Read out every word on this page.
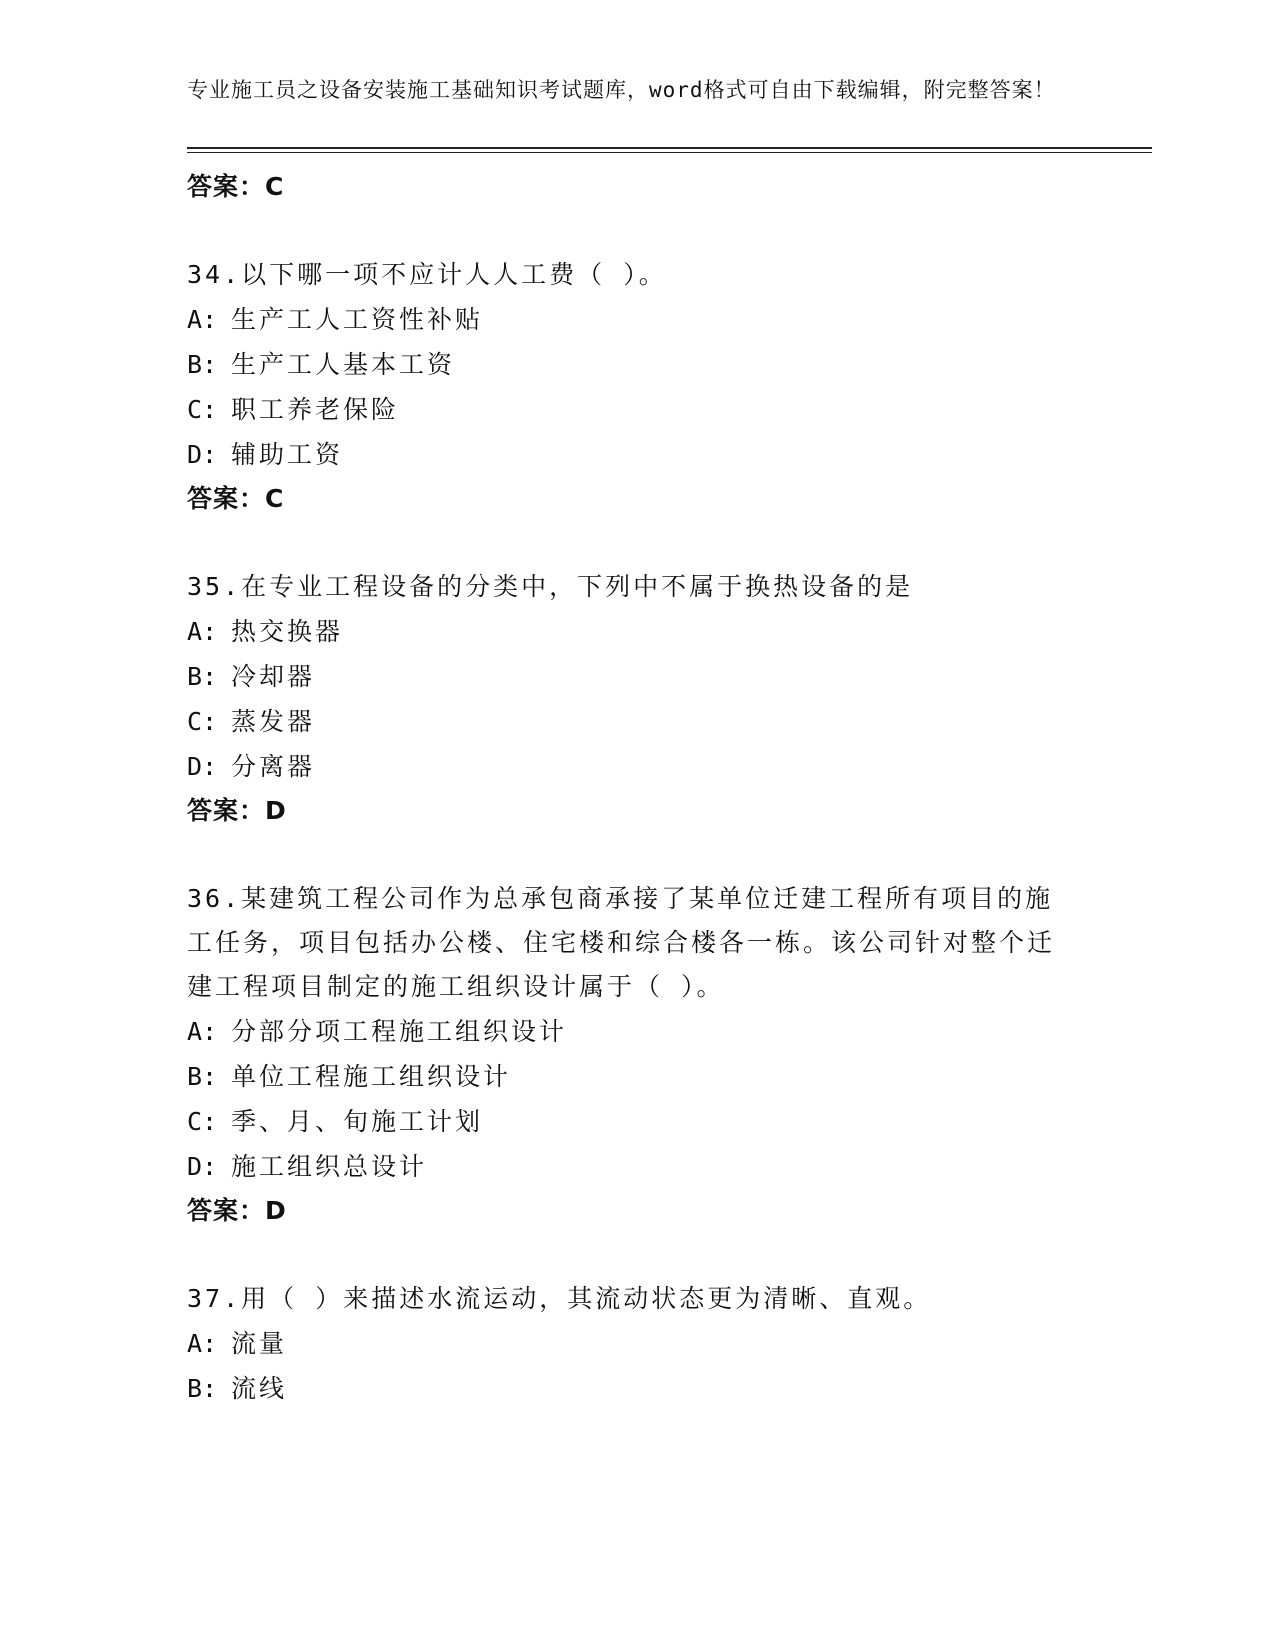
专业施工员之设备安装施工基础知识考试题库，word格式可自由下载编辑，附完整答案！
答案：C
34.以下哪一项不应计人人工费（ ）。
A: 生产工人工资性补贴
B: 生产工人基本工资
C: 职工养老保险
D: 辅助工资
答案：C
35.在专业工程设备的分类中，下列中不属于换热设备的是
A: 热交换器
B: 冷却器
C: 蒸发器
D: 分离器
答案：D
36.某建筑工程公司作为总承包商承接了某单位迁建工程所有项目的施工任务，项目包括办公楼、住宅楼和综合楼各一栋。该公司针对整个迁建工程项目制定的施工组织设计属于（ ）。
A: 分部分项工程施工组织设计
B: 单位工程施工组织设计
C: 季、月、旬施工计划
D: 施工组织总设计
答案：D
37.用（ ）来描述水流运动，其流动状态更为清晰、直观。
A: 流量
B: 流线
